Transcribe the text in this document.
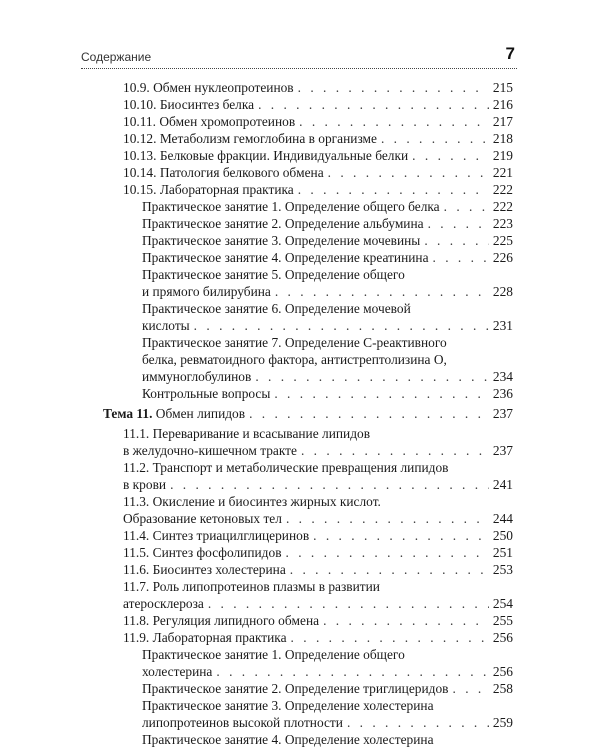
Содержание	7
10.9. Обмен нуклеопротеинов . . .	215
10.10. Биосинтез белка . . .	216
10.11. Обмен хромопротеинов . . .	217
10.12. Метаболизм гемоглобина в организме . . .	218
10.13. Белковые фракции. Индивидуальные белки . . .	219
10.14. Патология белкового обмена . . .	221
10.15. Лабораторная практика . . .	222
Практическое занятие 1. Определение общего белка . . .	222
Практическое занятие 2. Определение альбумина . . .	223
Практическое занятие 3. Определение мочевины . . .	225
Практическое занятие 4. Определение креатинина . . .	226
Практическое занятие 5. Определение общего
и прямого билирубина . . .	228
Практическое занятие 6. Определение мочевой
кислоты . . .	231
Практическое занятие 7. Определение С-реактивного
белка, ревматоидного фактора, антистрептолизина О,
иммуноглобулинов . . .	234
Контрольные вопросы . . .	236
Тема 11. Обмен липидов . . .	237
11.1. Переваривание и всасывание липидов
в желудочно-кишечном тракте . . .	237
11.2. Транспорт и метаболические превращения липидов
в крови . . .	241
11.3. Окисление и биосинтез жирных кислот.
Образование кетоновых тел . . .	244
11.4. Синтез триацилглицеринов . . .	250
11.5. Синтез фосфолипидов . . .	251
11.6. Биосинтез холестерина . . .	253
11.7. Роль липопротеинов плазмы в развитии
атеросклероза . . .	254
11.8. Регуляция липидного обмена . . .	255
11.9. Лабораторная практика . . .	256
Практическое занятие 1. Определение общего
холестерина . . .	256
Практическое занятие 2. Определение триглицеридов . . .	258
Практическое занятие 3. Определение холестерина
липопротеинов высокой плотности . . .	259
Практическое занятие 4. Определение холестерина
